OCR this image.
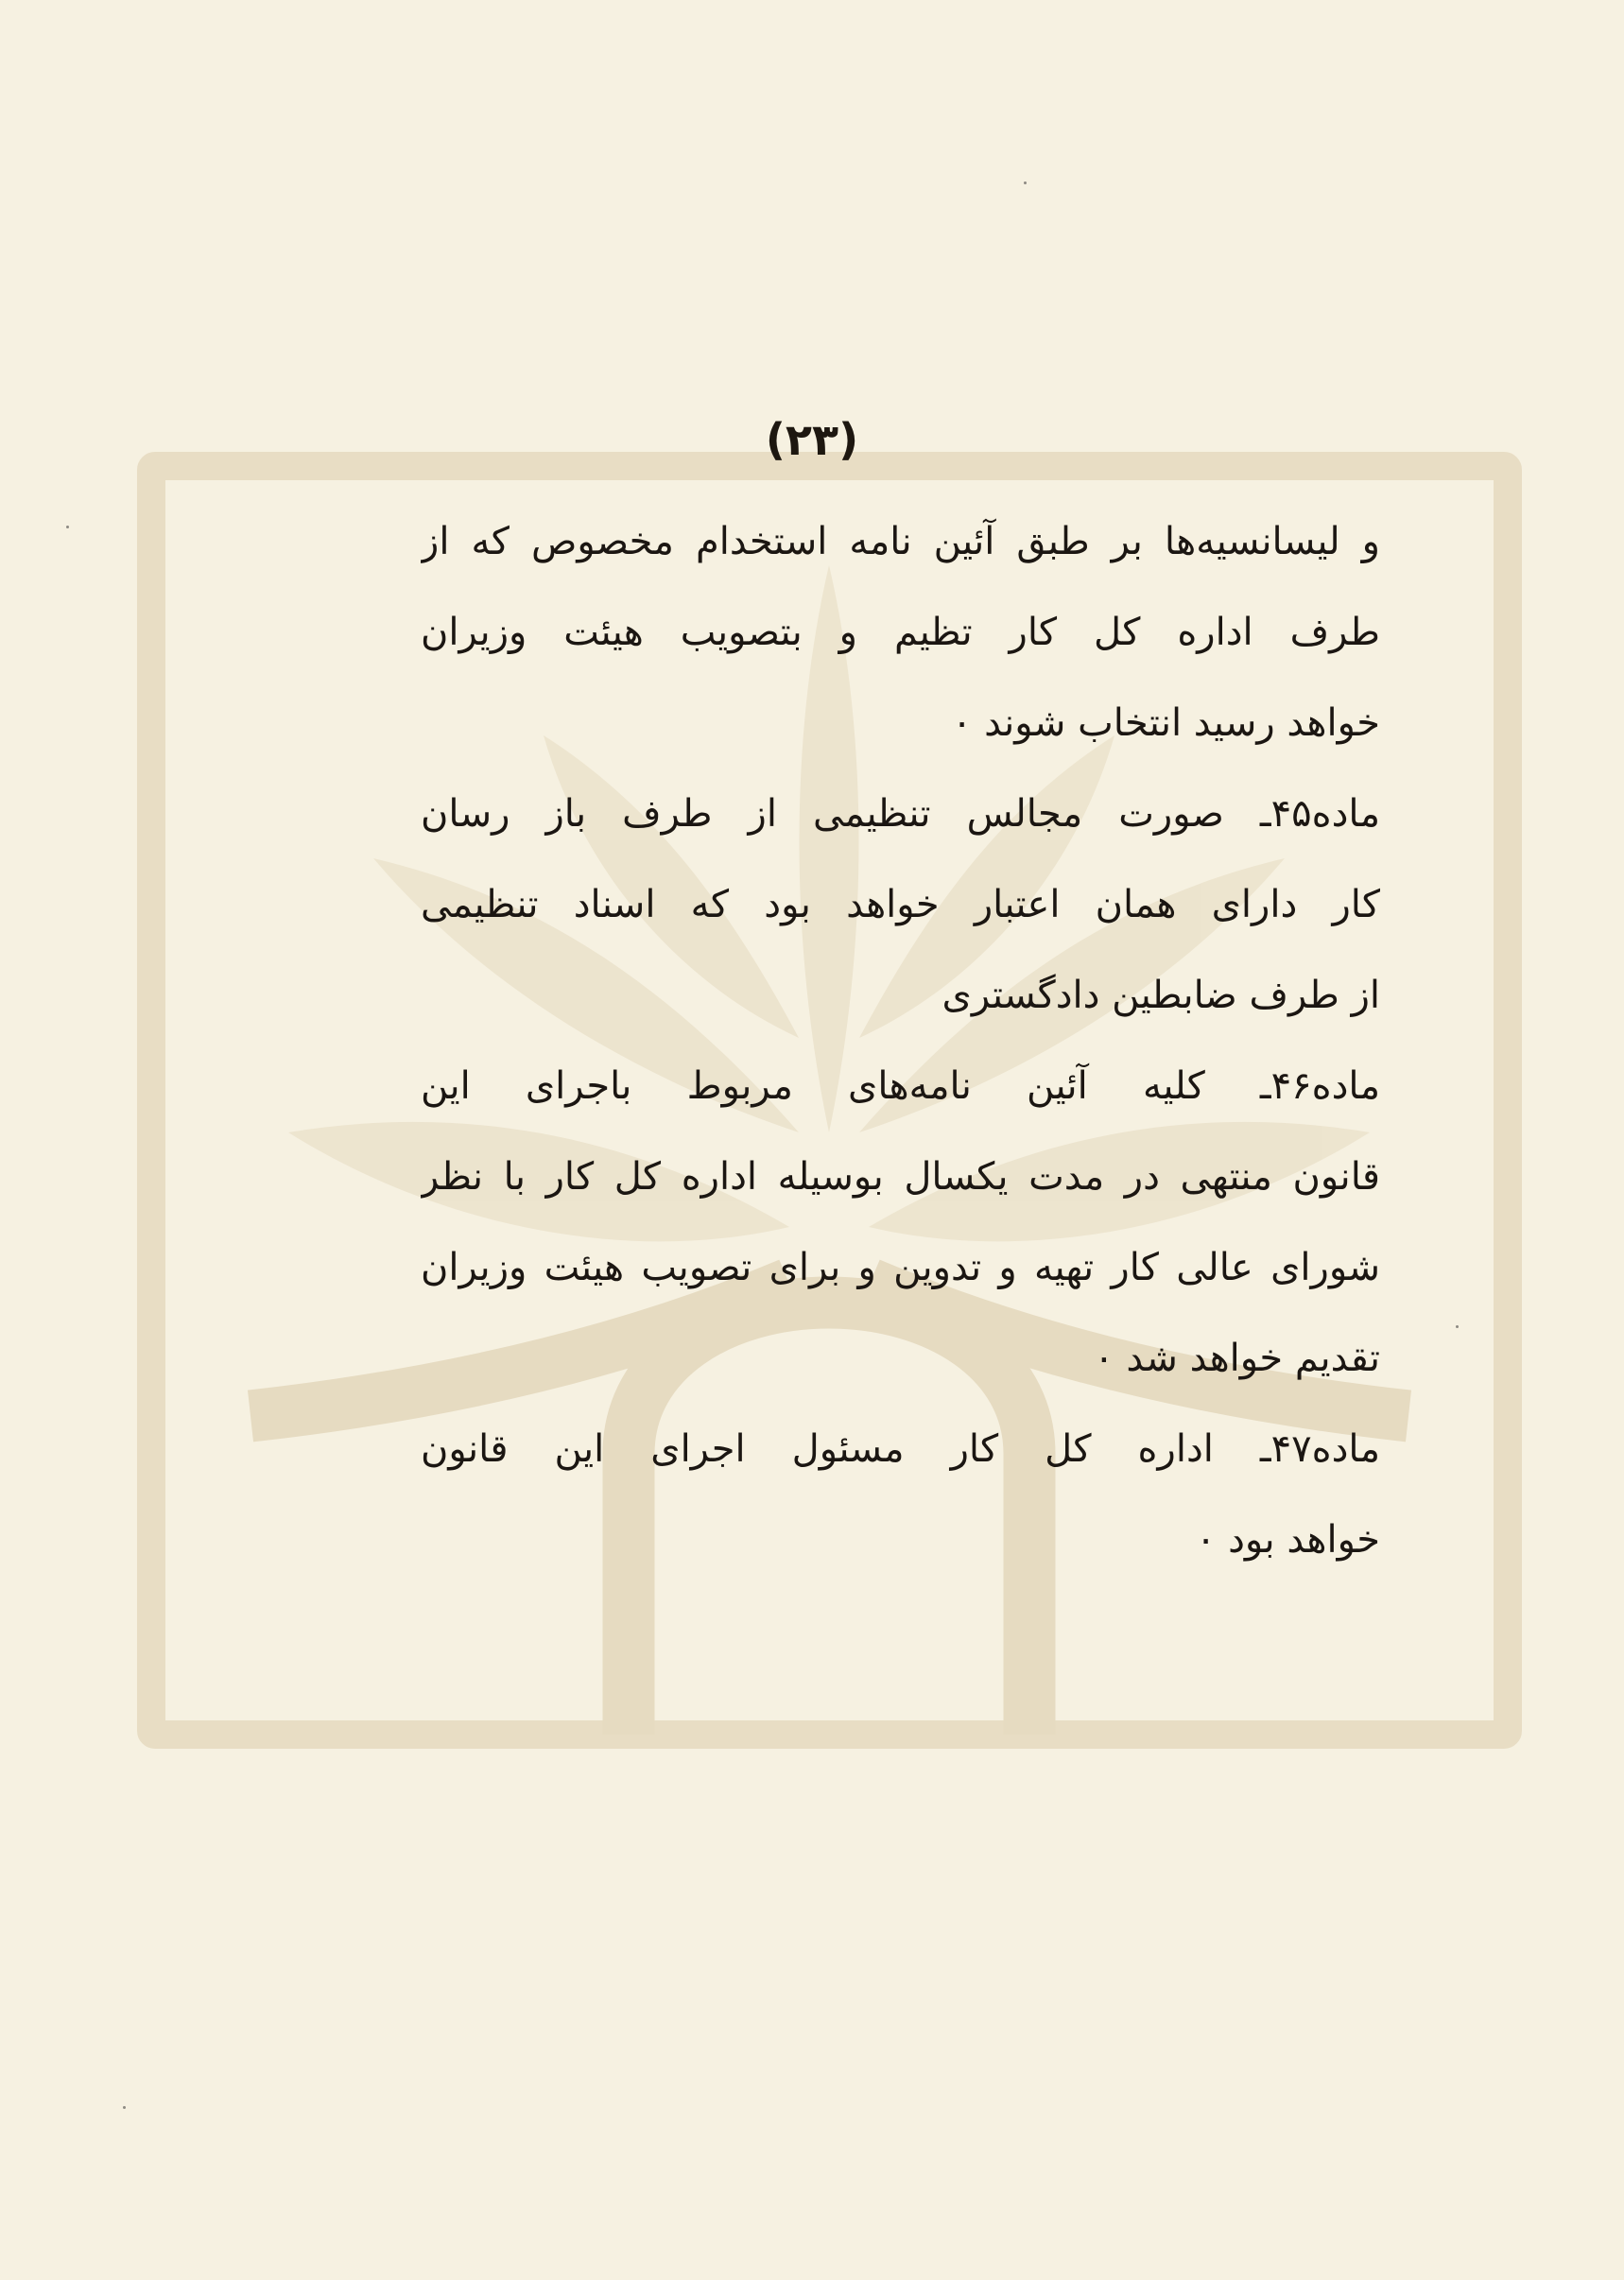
(۲۳)
و لیسانسیه‌ها بر طبق آئین نامه استخدام مخصوص که از
طرف اداره کل کار تظیم و بتصویب هیئت وزیران
خواهد رسید انتخاب شوند ٠
ماده۴۵ـ صورت مجالس تنظیمی از طرف باز رسان
کار دارای همان اعتبار خواهد بود که اسناد تنظیمی
از طرف ضابطین دادگستری
ماده۴۶ـ کلیه آئین نامه‌های مربوط باجرای این
قانون منتهی در مدت یکسال بوسیله اداره کل کار با نظر
شورای عالی کار تهیه و تدوین و برای تصویب هیئت وزیران
تقدیم خواهد شد ٠
ماده۴۷ـ اداره کل کار مسئول اجرای این قانون
خواهد بود ٠
